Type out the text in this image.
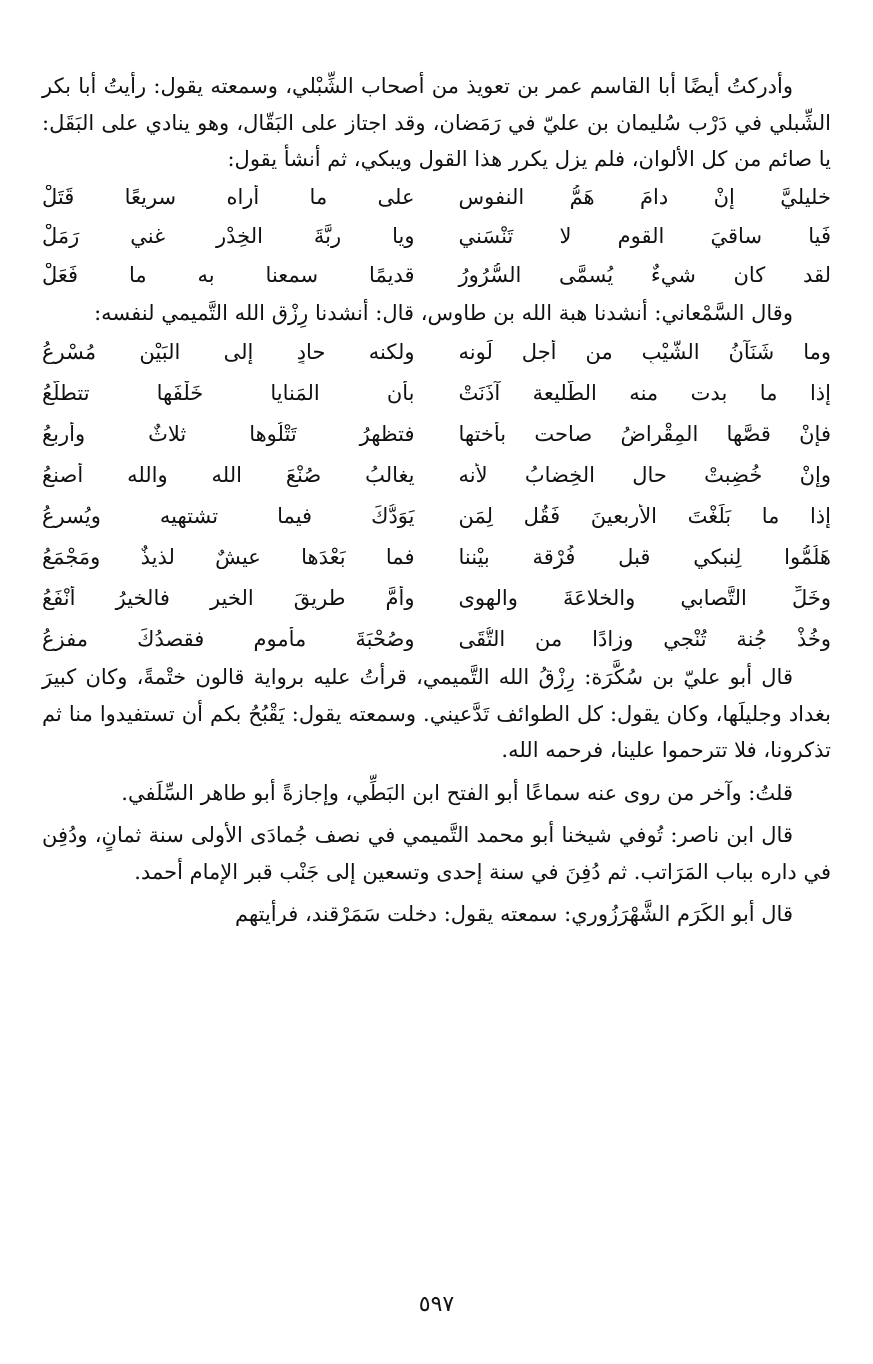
وأدركتُ أيضًا أبا القاسم عمر بن تعويذ من أصحاب الشِّبْلي، وسمعته يقول: رأيتُ أبا بكر الشِّبلي في دَرْب سُليمان بن عليّ في رَمَضان، وقد اجتاز على البَقّال، وهو ينادي على البَقَل: يا صائم من كل الألوان، فلم يزل يكرر هذا القول ويبكي، ثم أنشأ يقول:

خليليَّ إنْ دامَ هَمُّ النفوسِ
على ما أراه سريعًا قَتَلْ
فَيا ساقيَ القوم لا تَنْسَني
ويا ربَّةَ الخِدْر غني رَمَلْ
لقد كان شيءٌ يُسمَّى السُّرُورُ
قديمًا سمعنا به ما فَعَلْ

وقال السَّمْعاني: أنشدنا هبة الله بن طاوس، قال: أنشدنا رِزْق الله التَّميمي لنفسه:

وما شَنَآنُ الشَّيْبِ من أجل لَونه
ولكنه حادٍ إلى البَيْنِ مُسْرِعُ
إذا ما بدت منه الطَّليعة آذَنَتْ
بأن المَنايا خَلْفَها تتطلَّعُ
فإنْ قصَّها المِقْراضُ صاحت بأُختها
فتظهرُ تَتْلُوها ثلاثٌ وأربعُ
وإنْ خُضِبتْ حال الخِضابُ لأنه
يغالبُ صُنْعَ الله والله أصنعُ
إذا ما بَلَغْتَ الأربعينَ فَقُل لِمَن
يَوَدُّكَ فيما تشتهيه ويُسرعُ
هَلُمُّوا لِنبكي قبل فُرْقة بيْننا
فما بَعْدَها عيشٌ لذيذٌ ومَجْمَعُ
وخَلِّ التَّصابي والخلاعَةَ والهوى
وأُمَّ طريقَ الخيرِ فالخيرُ أَنْفَعُ
وخُذْ جُنة تُنْجي وزادًا من التُّقَى
وصُحْبَةَ مأموم فقصدُكَ مفزعُ

قال أبو عليّ بن سُكَّرَة: رِزْقُ الله التَّميمي، قرأتُ عليه برواية قالون ختْمةً، وكان كبيرَ بغداد وجليلَها، وكان يقول: كل الطوائف تَدَّعيني. وسمعته يقول: يَقْبُحُ بكم أن تستفيدوا منا ثم تذكرونا، فلا تترحموا علينا، فرحمه الله.

قلتُ: وآخر من روى عنه سماعًا أبو الفتح ابن البَطِّي، وإجازةً أبو طاهر السِّلَفي.

قال ابن ناصر: تُوفي شيخنا أبو محمد التَّميمي في نصف جُمادَى الأولى سنة ثمانٍ، ودُفِن في داره بباب المَرَاتب. ثم دُفِنَ في سنة إحدى وتسعين إلى جَنْب قبر الإمام أحمد.

قال أبو الكَرَم الشَّهْرَزُوري: سمعته يقول: دخلت سَمَرْقند، فرأيتهم

٥٩٧
